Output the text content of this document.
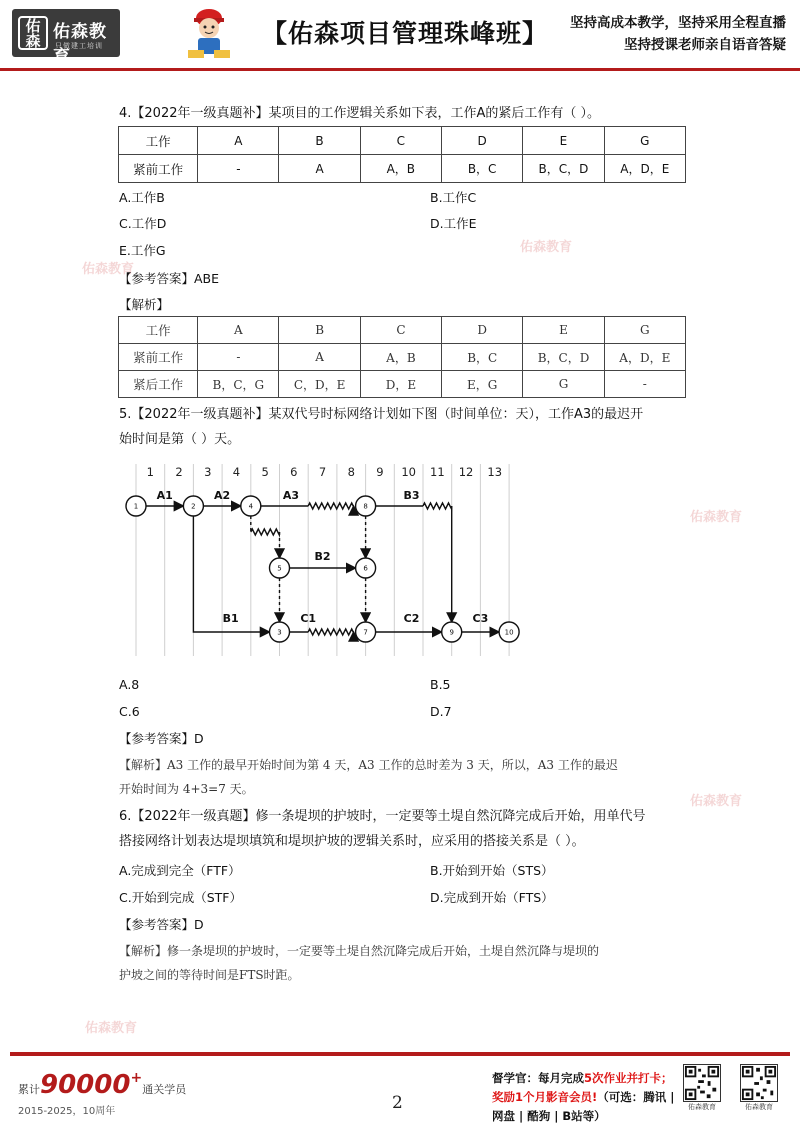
佑森 佑森教育
只做建工培训	【佑森项目管理珠峰班】 坚持高成本教学，坚持采用全程直播
坚持授课老师亲自语音答疑
佑森教育
佑森教育
佑森教育
佑森教育
佑森教育
4.【2022年一级真题补】某项目的工作逻辑关系如下表，工作A的紧后工作有（ ）。
工作	A	B	C	D	E	G
紧前工作	-	A	A，B	B，C	B，C，D	A，D，E
A.工作B	B.工作C
C.工作D	D.工作E
E.工作G
【参考答案】ABE
【解析】
工作	A	B	C	D	E	G
紧前工作	-	A	A，B	B，C	B，C，D	A，D，E
紧后工作	B，C，G	C，D，E	D，E	E，G	G	-
5.【2022年一级真题补】某双代号时标网络计划如下图（时间单位：天），工作A3的最迟开
始时间是第（ ）天。
1 2 3 4 5 6 7 8 9 10 11 12 13
A1	A2	A3	B3
B2
B1	C1	C2	C3
1	2	4	8
5	6
3	7	9	10
A.8	B.5
C.6	D.7
【参考答案】D
【解析】A3 工作的最早开始时间为第 4 天，A3 工作的总时差为 3 天，所以，A3 工作的最迟
开始时间为 4+3=7 天。
6.【2022年一级真题】修一条堤坝的护坡时，一定要等土堤自然沉降完成后开始，用单代号
搭接网络计划表达堤坝填筑和堤坝护坡的逻辑关系时，应采用的搭接关系是（ ）。
A.完成到完全（FTF）	B.开始到开始（STS）
C.开始到完成（STF）	D.完成到开始（FTS）
【参考答案】D
【解析】修一条堤坝的护坡时，一定要等土堤自然沉降完成后开始，土堤自然沉降与堤坝的
护坡之间的等待时间是FTS时距。
累计90000+通关学员
2015-2025，10周年	2
督学官：每月完成5次作业并打卡；
奖励1个月影音会员!（可选：腾讯 |
网盘 | 酷狗 | B站等）
佑森教育	佑森教育
